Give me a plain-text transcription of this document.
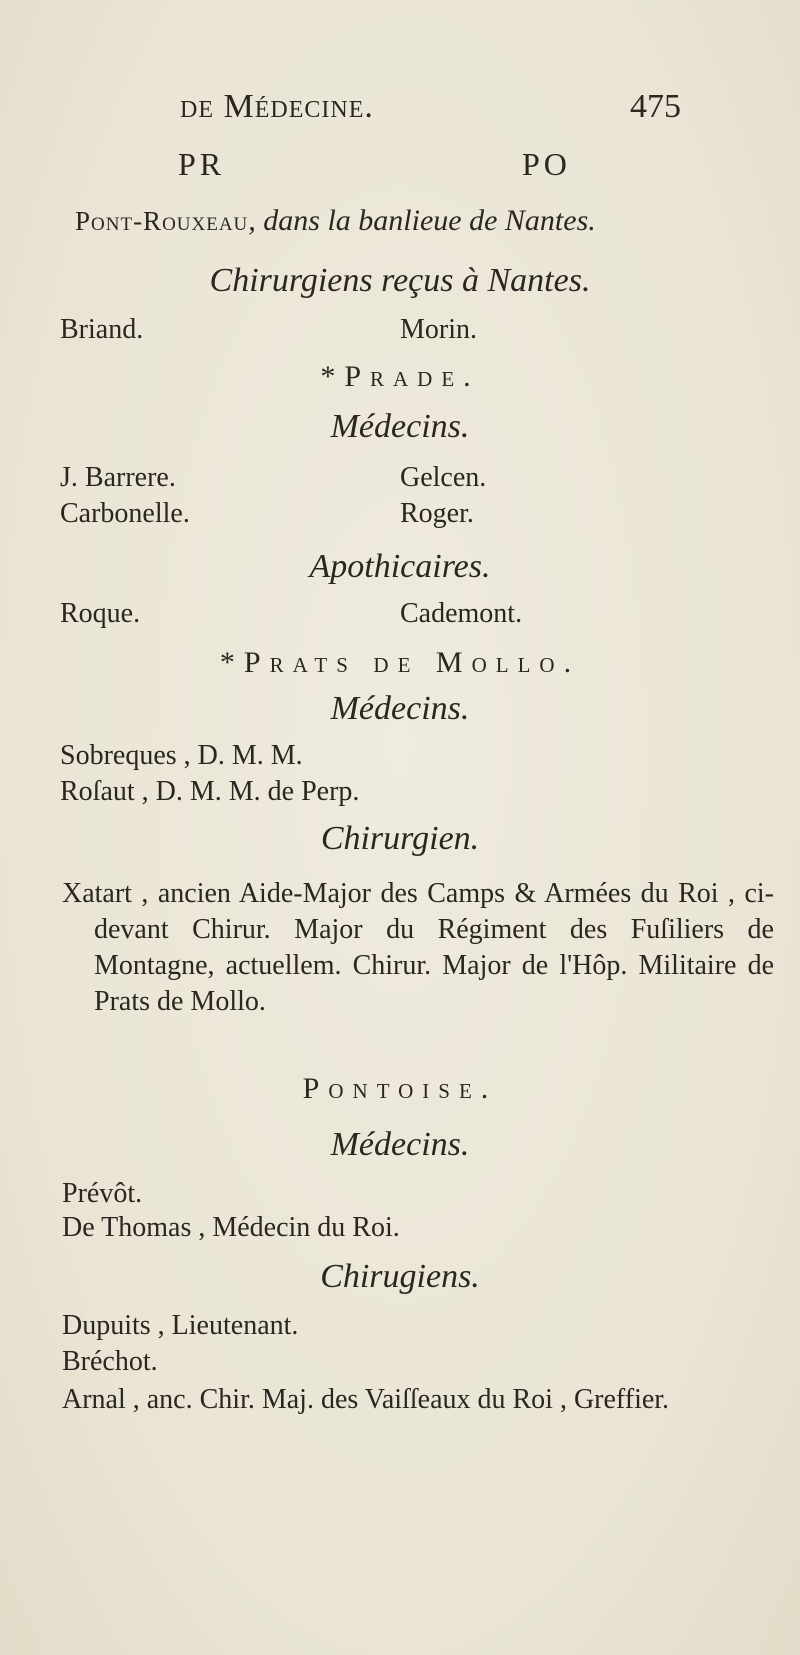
de Médecine.	475
PR	PO
Pont-Rouxeau, dans la banlieue de Nantes.
Chirurgiens reçus à Nantes.
Briand.	Morin.
*Prade.
Médecins.
J. Barrere.	Gelcen.
Carbonelle.	Roger.
Apothicaires.
Roque.	Cademont.
*Prats de Mollo.
Médecins.
Sobreques , D. M. M.
Roſaut , D. M. M. de Perp.
Chirurgien.
Xatart , ancien Aide-Major des Camps & Armées du Roi , ci-devant Chirur. Major du Régiment des Fuſiliers de Montagne, actuellem. Chirur. Major de l'Hôp. Militaire de Prats de Mollo.
Pontoise.
Médecins.
Prévôt.
De Thomas , Médecin du Roi.
Chirugiens.
Dupuits , Lieutenant.
Bréchot.
Arnal , anc. Chir. Maj. des Vaiſſeaux du Roi , Greffier.
